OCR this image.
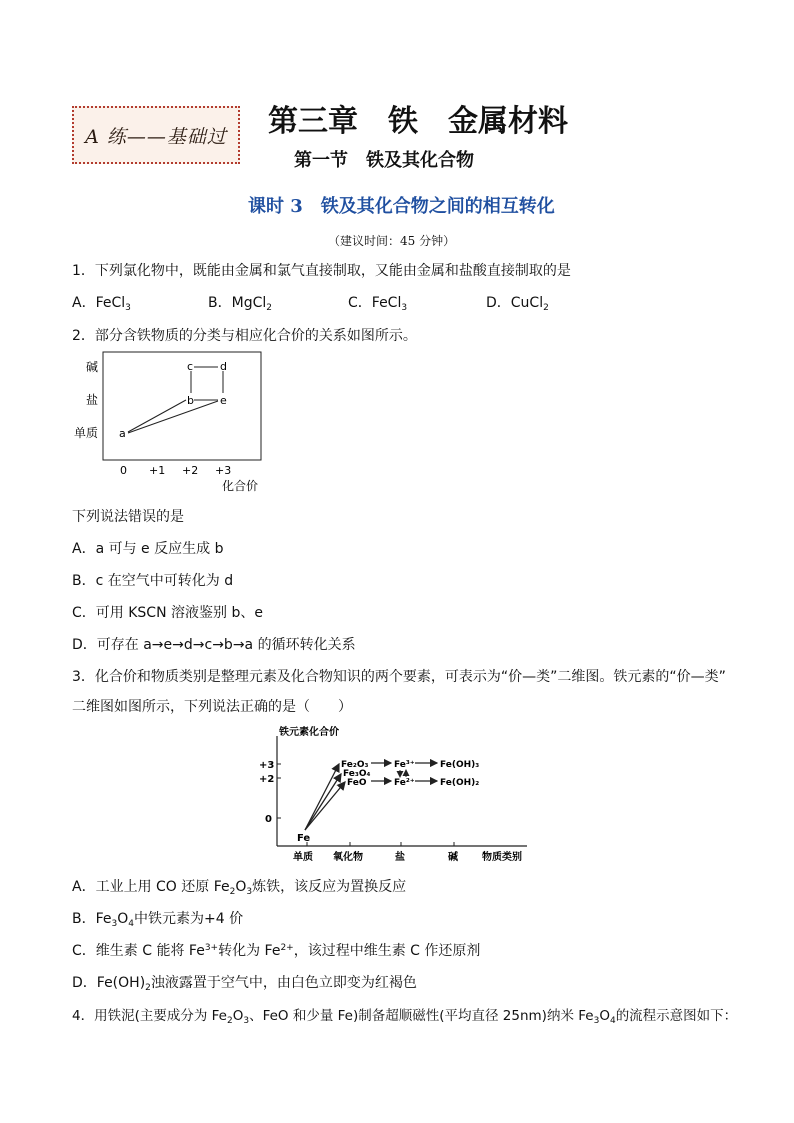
A 练——基础过 第三章　铁　金属材料
第一节　铁及其化合物
课时 3　铁及其化合物之间的相互转化
（建议时间：45 分钟）
1．下列氯化物中，既能由金属和氯气直接制取，又能由金属和盐酸直接制取的是
A．FeCl$_3$	B．MgCl$_2$	C．FeCl$_3$	D．CuCl$_2$
2．部分含铁物质的分类与相应化合价的关系如图所示。
碱
盐
单质
0 +1 +2 +3
化合价
a
b
c d
e
下列说法错误的是
A．a 可与 e 反应生成 b
B．c 在空气中可转化为 d
C．可用 KSCN 溶液鉴别 b、e
D．可存在 a→e→d→c→b→a 的循环转化关系
3．化合价和物质类别是整理元素及化合物知识的两个要素，可表示为“价—类”二维图。铁元素的“价—类”
二维图如图所示，下列说法正确的是（　　）
铁元素化合价
+3
+2
0
单质 氧化物	盐	碱 物质类别
Fe
Fe₂O₃
Fe₃O₄
FeO
Fe³⁺
Fe²⁺
Fe(OH)₃
Fe(OH)₂
A．工业上用 CO 还原 $Fe_2O_3$炼铁，该反应为置换反应
B．$Fe_3O_4$中铁元素为+4 价
C．维生素 C 能将 $Fe^{3+}$转化为 $Fe^{2+}$，该过程中维生素 C 作还原剂
D．$Fe(OH)_2$浊液露置于空气中，由白色立即变为红褐色
4．用铁泥(主要成分为 $Fe_2O_3$、FeO 和少量 Fe)制备超顺磁性(平均直径 25nm)纳米 $Fe_3O_4$的流程示意图如下：
